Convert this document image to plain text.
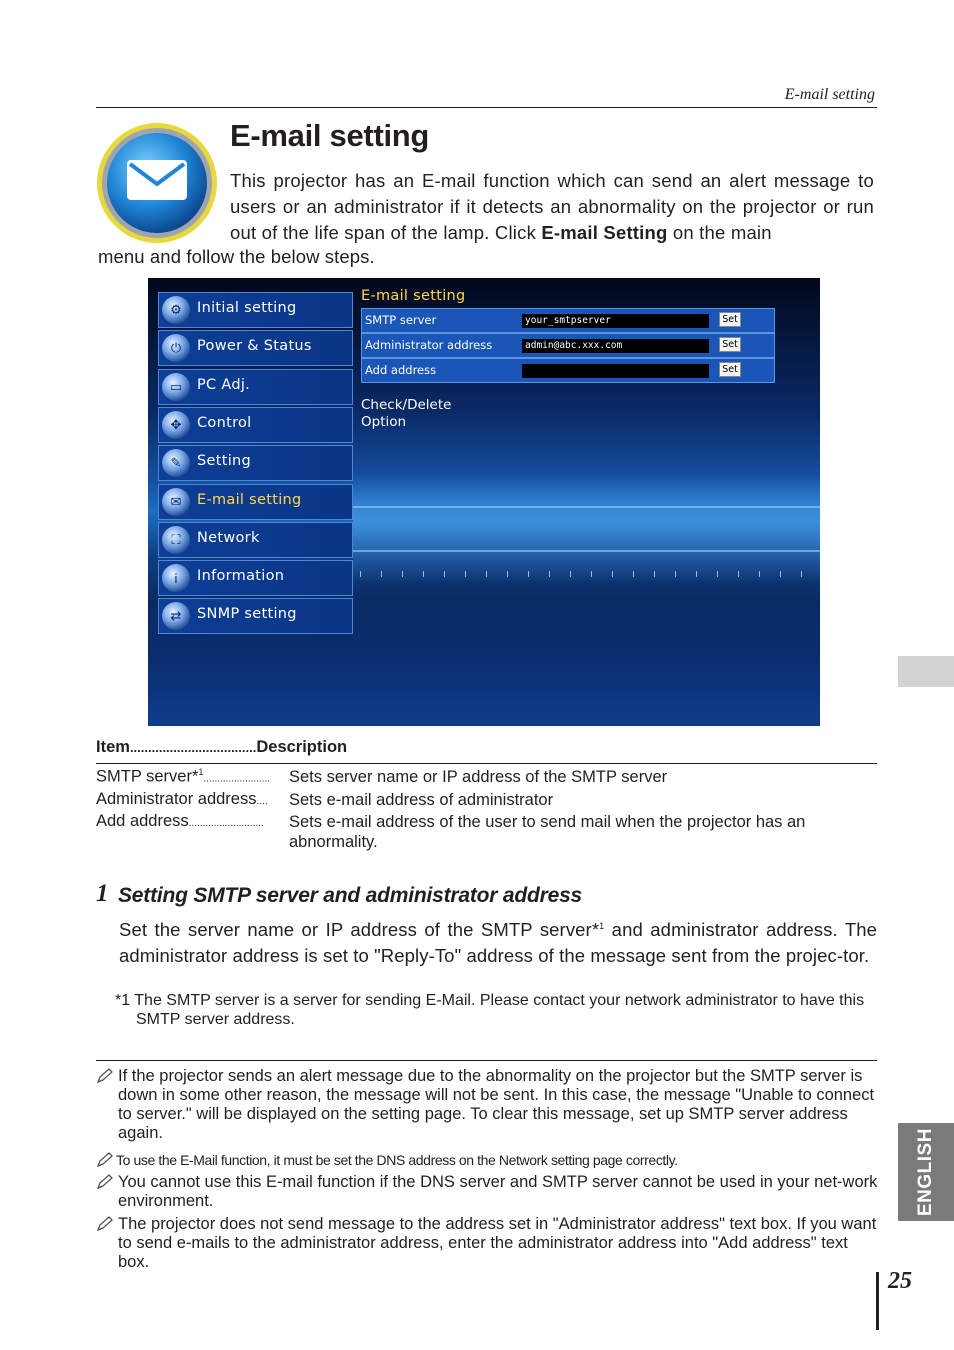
E-mail setting
E-mail setting
This projector has an E-mail function which can send an alert message to users or an administrator if it detects an abnormality on the projector or run out of the life span of the lamp. Click E-mail Setting on the main
menu and follow the below steps.
⚙	Initial setting
⏻	Power & Status
▭	PC Adj.
✥	Control
✎	Setting
✉	E-mail setting
⛶	Network
i	Information
⇄	SNMP setting
E-mail setting
SMTP server	your_smtpserver	Set
Administrator address	admin@abc.xxx.com	Set
Add address	Set
Check/Delete
Option
Item...................................Description
SMTP server*$^1$........................ Sets server name or IP address of the SMTP server
Administrator address.... Sets e-mail address of administrator
Add address........................... Sets e-mail address of the user to send mail when the projector has an abnormality.
1 Setting SMTP server and administrator address
Set the server name or IP address of the SMTP server*$^1$ and administrator address. The administrator address is set to "Reply-To" address of the message sent from the projec-tor.
*1 The SMTP server is a server for sending E-Mail. Please contact your network administrator to have this SMTP server address.
If the projector sends an alert message due to the abnormality on the projector but the SMTP server is down in some other reason, the message will not be sent. In this case, the message "Unable to connect to server." will be displayed on the setting page. To clear this message, set up SMTP server address again.
To use the E-Mail function, it must be set the DNS address on the Network setting page correctly.
You cannot use this E-mail function if the DNS server and SMTP server cannot be used in your net-work environment.
The projector does not send message to the address set in "Administrator address" text box. If you want to send e-mails to the administrator address, enter the administrator address into "Add address" text box.
ENGLISH
25
